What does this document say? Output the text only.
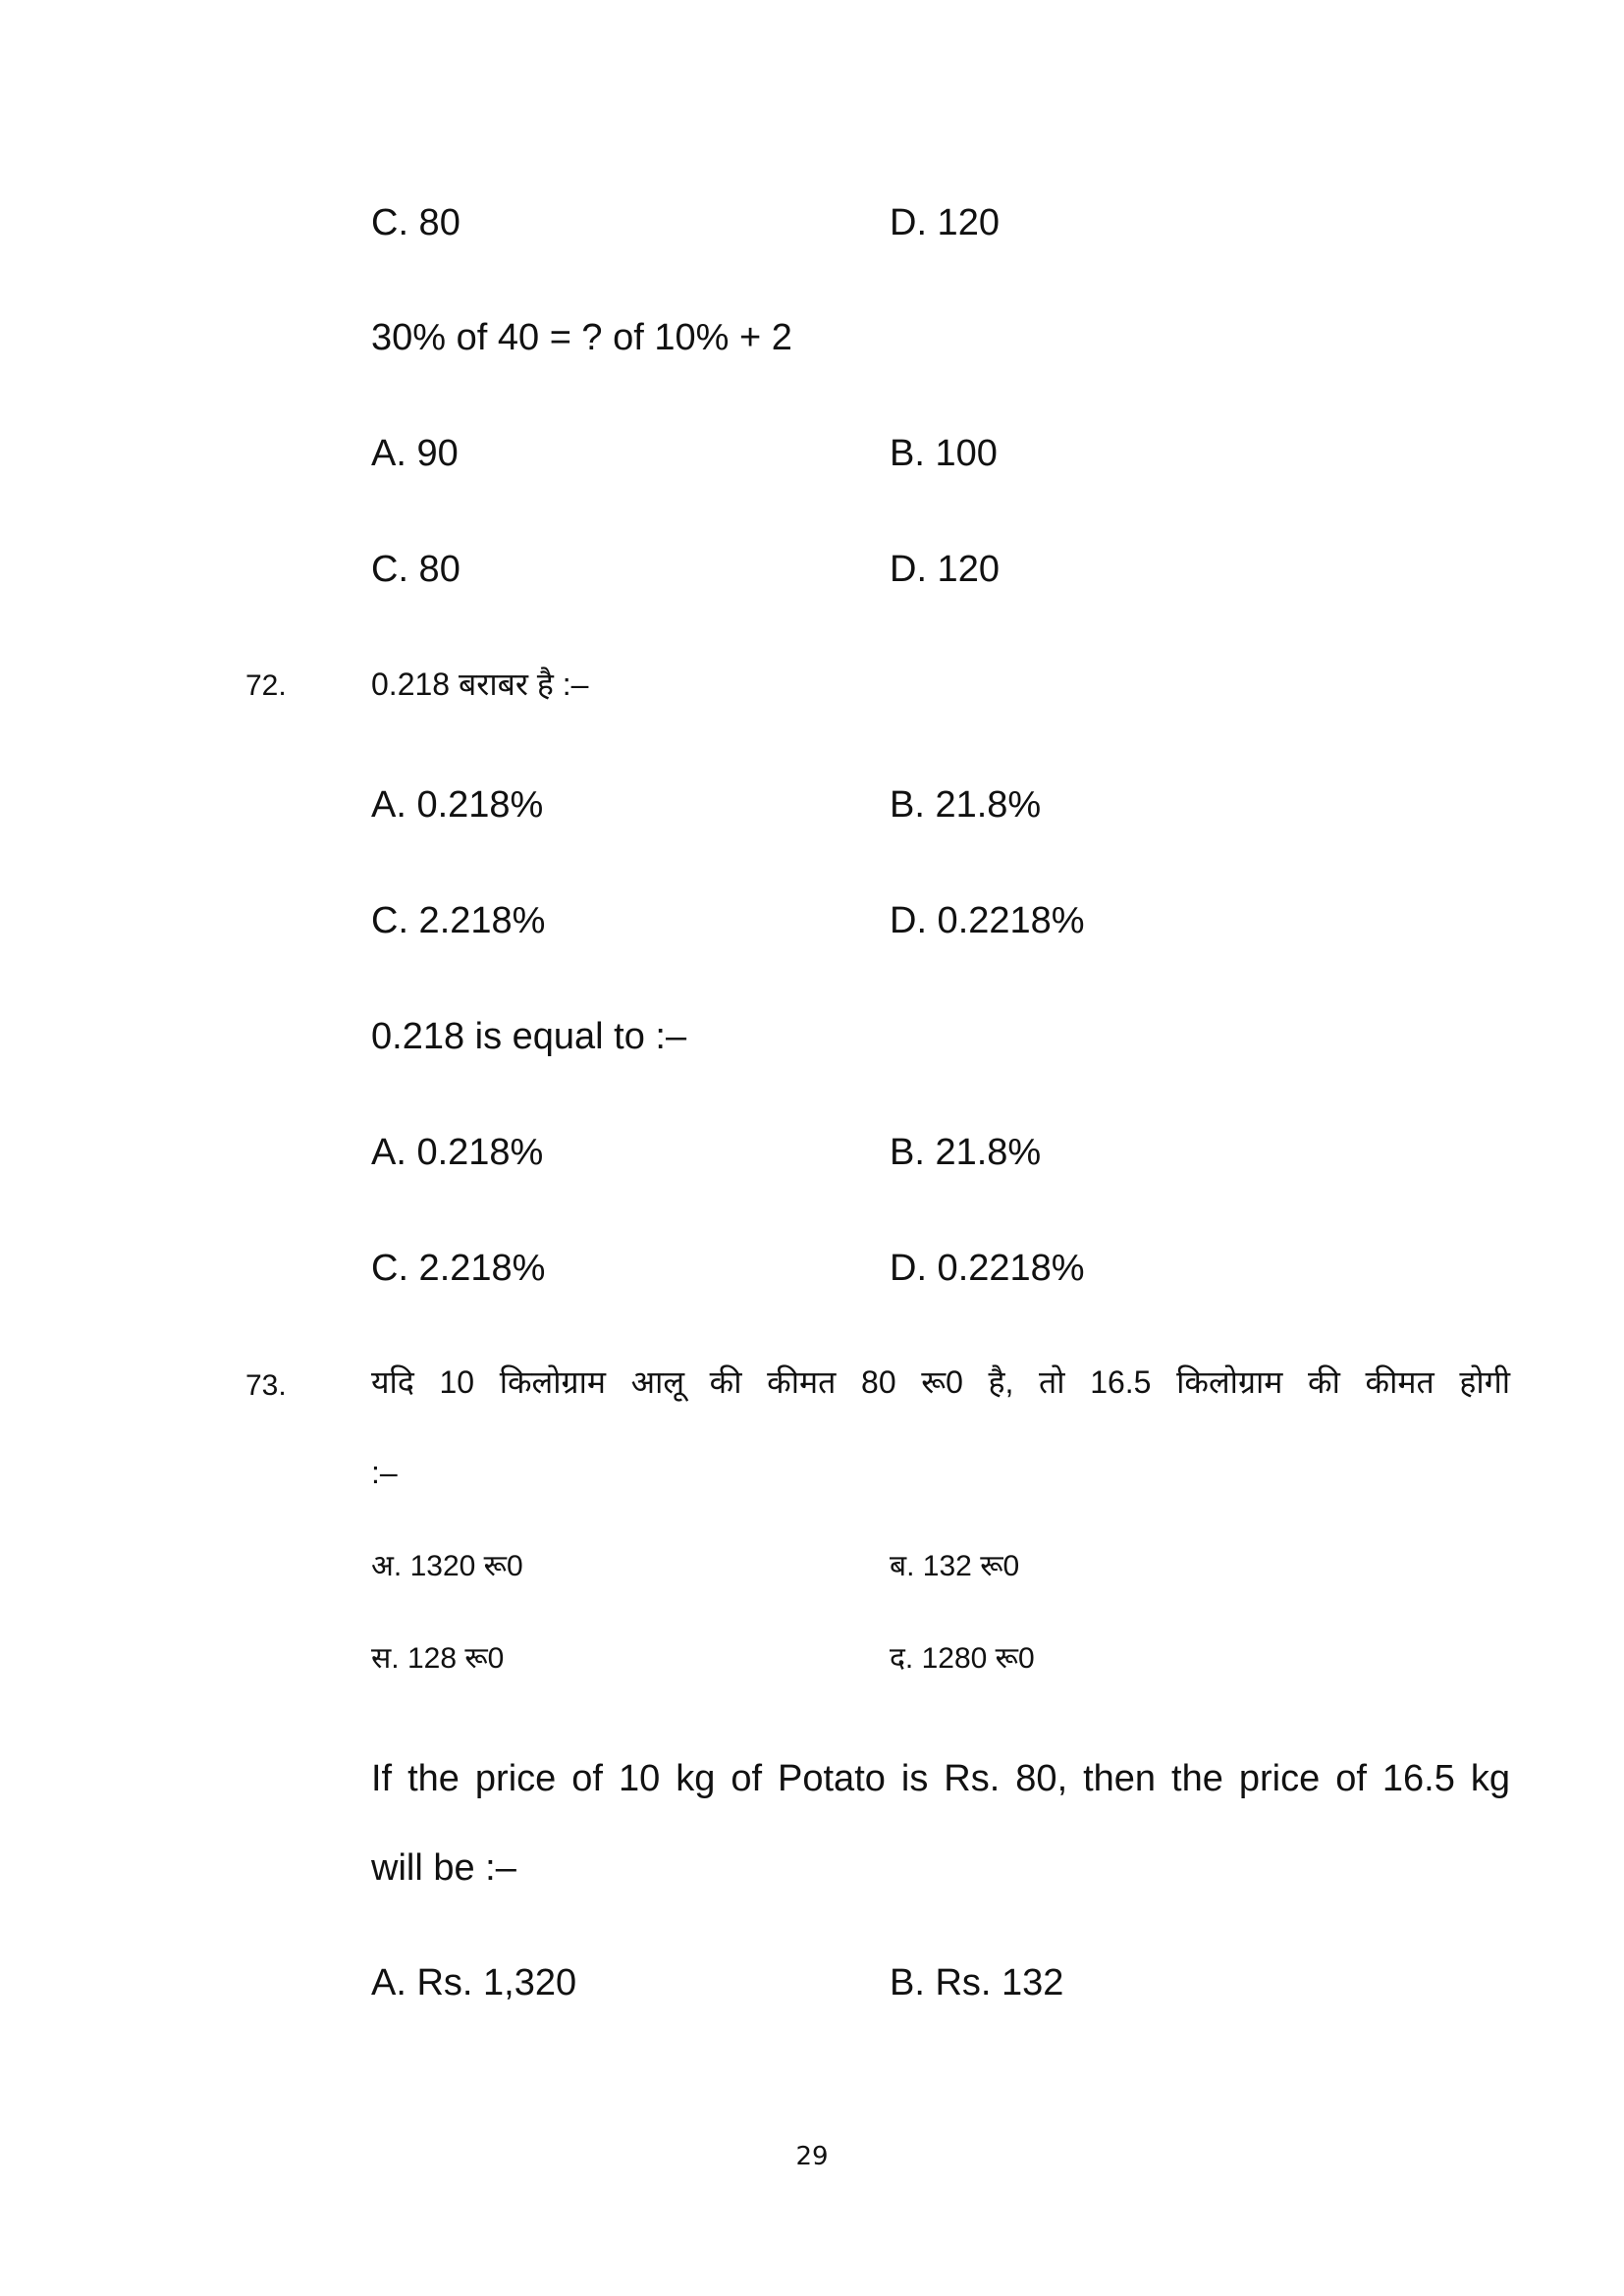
C. 80	D. 120
30% of 40 = ? of 10% + 2
A. 90	B. 100
C. 80	D. 120
72.	0.218 बराबर है :–
A. 0.218%	B. 21.8%
C. 2.218%	D. 0.2218%
0.218 is equal to :–
A. 0.218%	B. 21.8%
C. 2.218%	D. 0.2218%
73.	यदि 10 किलोग्राम आलू की कीमत 80 रू0 है, तो 16.5 किलोग्राम की कीमत होगी
:–
अ. 1320 रू0	ब. 132 रू0
स. 128 रू0	द. 1280 रू0
If the price of 10 kg of Potato is Rs. 80, then the price of 16.5 kg
will be :–
A. Rs. 1,320	B. Rs. 132
29
